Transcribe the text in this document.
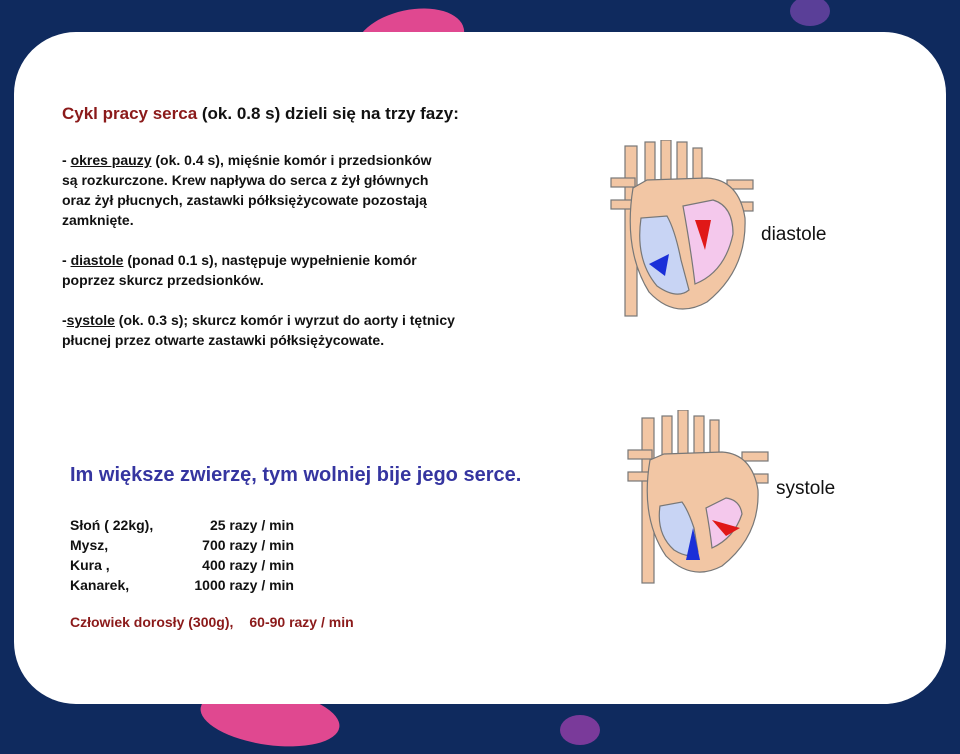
Cykl pracy serca (ok. 0.8 s) dzieli się na trzy fazy:
- okres pauzy (ok. 0.4 s), mięśnie komór i przedsionków
są rozkurczone. Krew napływa do serca z żył głównych
oraz żył płucnych, zastawki półksiężycowate pozostają
zamknięte.
- diastole (ponad 0.1 s), następuje wypełnienie komór
poprzez skurcz przedsionków.
-systole (ok. 0.3 s); skurcz komór i wyrzut do aorty i tętnicy
płucnej przez otwarte zastawki półksiężycowate.
Im większe zwierzę, tym wolniej bije jego serce.
Słoń ( 22kg),	25 razy / min
Mysz,	700 razy / min
Kura ,	400 razy / min
Kanarek,	1000 razy / min
Człowiek dorosły (300g), 60-90 razy / min
diastole
systole
